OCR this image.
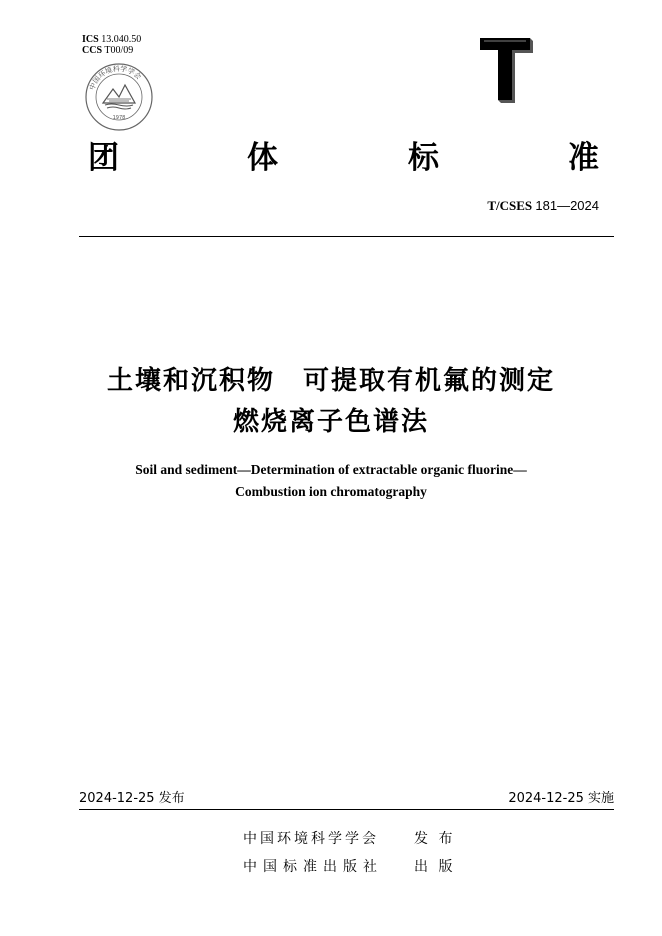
ICS 13.040.50
CCS T00/09
中国环境科学学会
1978
团	体	标	准
T/CSES 181—2024
土壤和沉积物　可提取有机氟的测定
燃烧离子色谱法
Soil and sediment—Determination of extractable organic fluorine—
Combustion ion chromatography
2024-12-25 发布	2024-12-25 实施
中国环境科学学会	发 布
中国标准出版社 出 版
